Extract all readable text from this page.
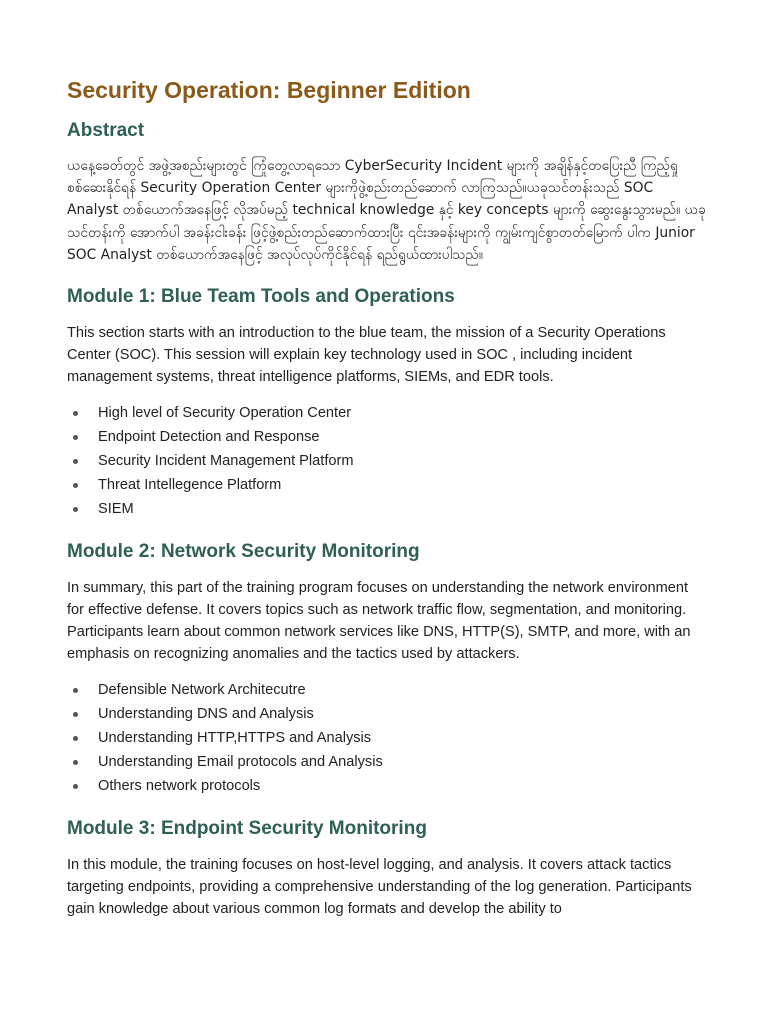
Security Operation: Beginner Edition
Abstract

ယနေ့ခေတ်တွင် အဖွဲ့အစည်းများတွင် ကြုံတွေ့လာရသော CyberSecurity Incident များကို အချိန်နှင့်တပြေးညီ ကြည့်ရှုစစ်ဆေးနိုင်ရန် Security Operation Center များကိုဖွဲ့စည်းတည်ဆောက် လာကြသည်။ယခုသင်တန်းသည် SOC Analyst တစ်ယောက်အနေဖြင့် လိုအပ်မည့် technical knowledge နှင့် key concepts များကို ဆွေးနွေးသွားမည်။ ယခုသင်တန်းကို အောက်ပါ အခန်းငါးခန်း ဖြင့်ဖွဲ့စည်းတည်ဆောက်ထားပြီး ၎င်းအခန်းများကို ကျွမ်းကျင်စွာတတ်မြောက် ပါက Junior SOC Analyst တစ်ယောက်အနေဖြင့် အလုပ်လုပ်ကိုင်နိုင်ရန် ရည်ရွယ်ထားပါသည်။

Module 1: Blue Team Tools and Operations

This section starts with an introduction to the blue team, the mission of a Security Operations Center (SOC). This session will explain key technology used in SOC , including incident management systems, threat intelligence platforms, SIEMs, and EDR tools.

High level of Security Operation Center
Endpoint Detection and Response
Security Incident Management Platform
Threat Intellegence Platform
SIEM
Module 2: Network Security Monitoring

In summary, this part of the training program focuses on understanding the network environment for effective defense. It covers topics such as network traffic flow, segmentation, and monitoring. Participants learn about common network services like DNS, HTTP(S), SMTP, and more, with an emphasis on recognizing anomalies and the tactics used by attackers.

Defensible Network Architecutre
Understanding DNS and Analysis
Understanding HTTP,HTTPS and Analysis
Understanding Email protocols and Analysis
Others network protocols
Module 3: Endpoint Security Monitoring

In this module, the training focuses on host-level logging, and analysis. It covers attack tactics targeting endpoints, providing a comprehensive understanding of the log generation. Participants gain knowledge about various common log formats and develop the ability to
